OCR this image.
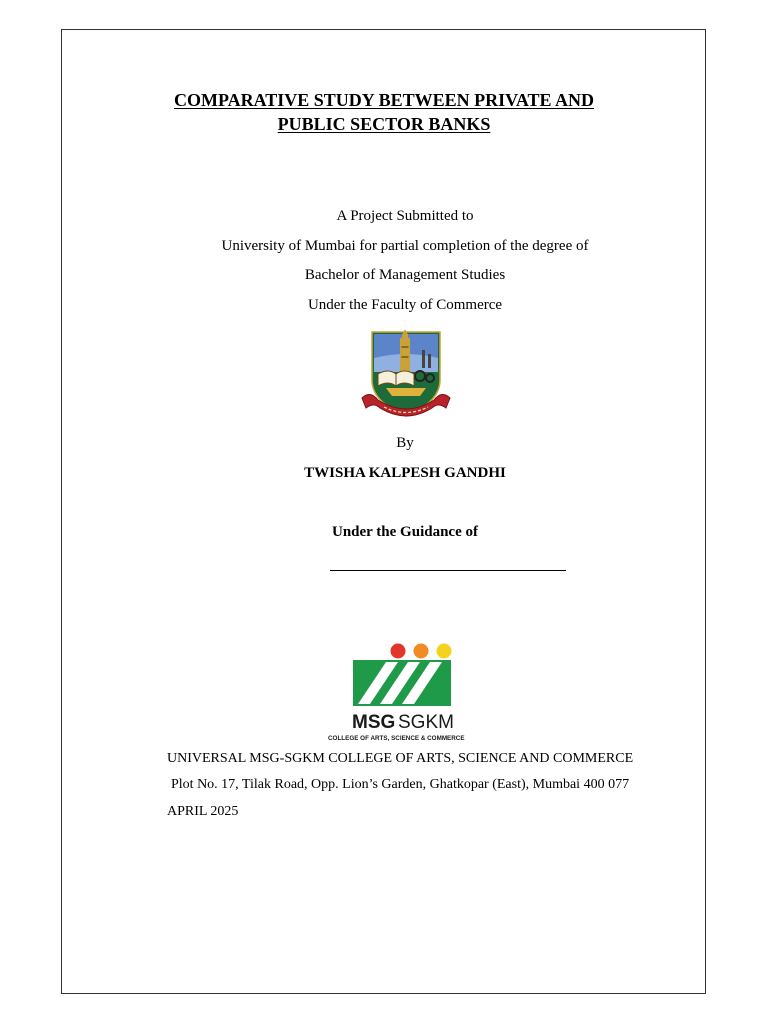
COMPARATIVE STUDY BETWEEN PRIVATE AND
PUBLIC SECTOR BANKS
A Project Submitted to
University of Mumbai for partial completion of the degree of
Bachelor of Management Studies
Under the Faculty of Commerce
By
TWISHA KALPESH GANDHI
Under the Guidance of
MSG SGKM
COLLEGE OF ARTS, SCIENCE & COMMERCE
UNIVERSAL MSG-SGKM COLLEGE OF ARTS, SCIENCE AND COMMERCE
Plot No. 17, Tilak Road, Opp. Lion’s Garden, Ghatkopar (East), Mumbai 400 077
APRIL 2025
